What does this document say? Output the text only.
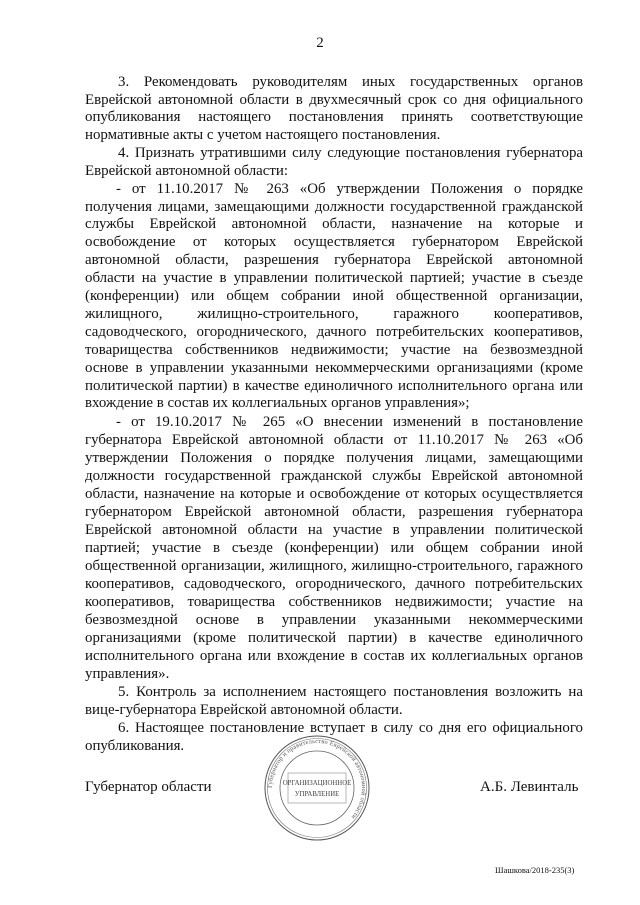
2
3. Рекомендовать руководителям иных государственных органов
Еврейской автономной области в двухмесячный срок со дня официального
опубликования настоящего постановления принять соответствующие
нормативные акты с учетом настоящего постановления.
4. Признать утратившими силу следующие постановления губернатора
Еврейской автономной области:
- от 11.10.2017 № 263 «Об утверждении Положения о порядке
получения лицами, замещающими должности государственной гражданской
службы Еврейской автономной области, назначение на которые и
освобождение от которых осуществляется губернатором Еврейской
автономной области, разрешения губернатора Еврейской автономной
области на участие в управлении политической партией; участие в съезде
(конференции) или общем собрании иной общественной организации,
жилищного, жилищно-строительного, гаражного кооперативов,
садоводческого, огороднического, дачного потребительских кооперативов,
товарищества собственников недвижимости; участие на безвозмездной
основе в управлении указанными некоммерческими организациями (кроме
политической партии) в качестве единоличного исполнительного органа или
вхождение в состав их коллегиальных органов управления»;
- от 19.10.2017 № 265 «О внесении изменений в постановление
губернатора Еврейской автономной области от 11.10.2017 № 263 «Об
утверждении Положения о порядке получения лицами, замещающими
должности государственной гражданской службы Еврейской автономной
области, назначение на которые и освобождение от которых осуществляется
губернатором Еврейской автономной области, разрешения губернатора
Еврейской автономной области на участие в управлении политической
партией; участие в съезде (конференции) или общем собрании иной
общественной организации, жилищного, жилищно-строительного, гаражного
кооперативов, садоводческого, огороднического, дачного потребительских
кооперативов, товарищества собственников недвижимости; участие на
безвозмездной основе в управлении указанными некоммерческими
организациями (кроме политической партии) в качестве единоличного
исполнительного органа или вхождение в состав их коллегиальных органов
управления».
5. Контроль за исполнением настоящего постановления возложить на
вице-губернатора Еврейской автономной области.
6. Настоящее постановление вступает в силу со дня его официального
опубликования.
Губернатор области	Губернатор и правительство Еврейской автономной области
ОРГАНИЗАЦИОННОЕ
УПРАВЛЕНИЕ	А.Б. Левинталь
Шашкова/2018-235(3)
